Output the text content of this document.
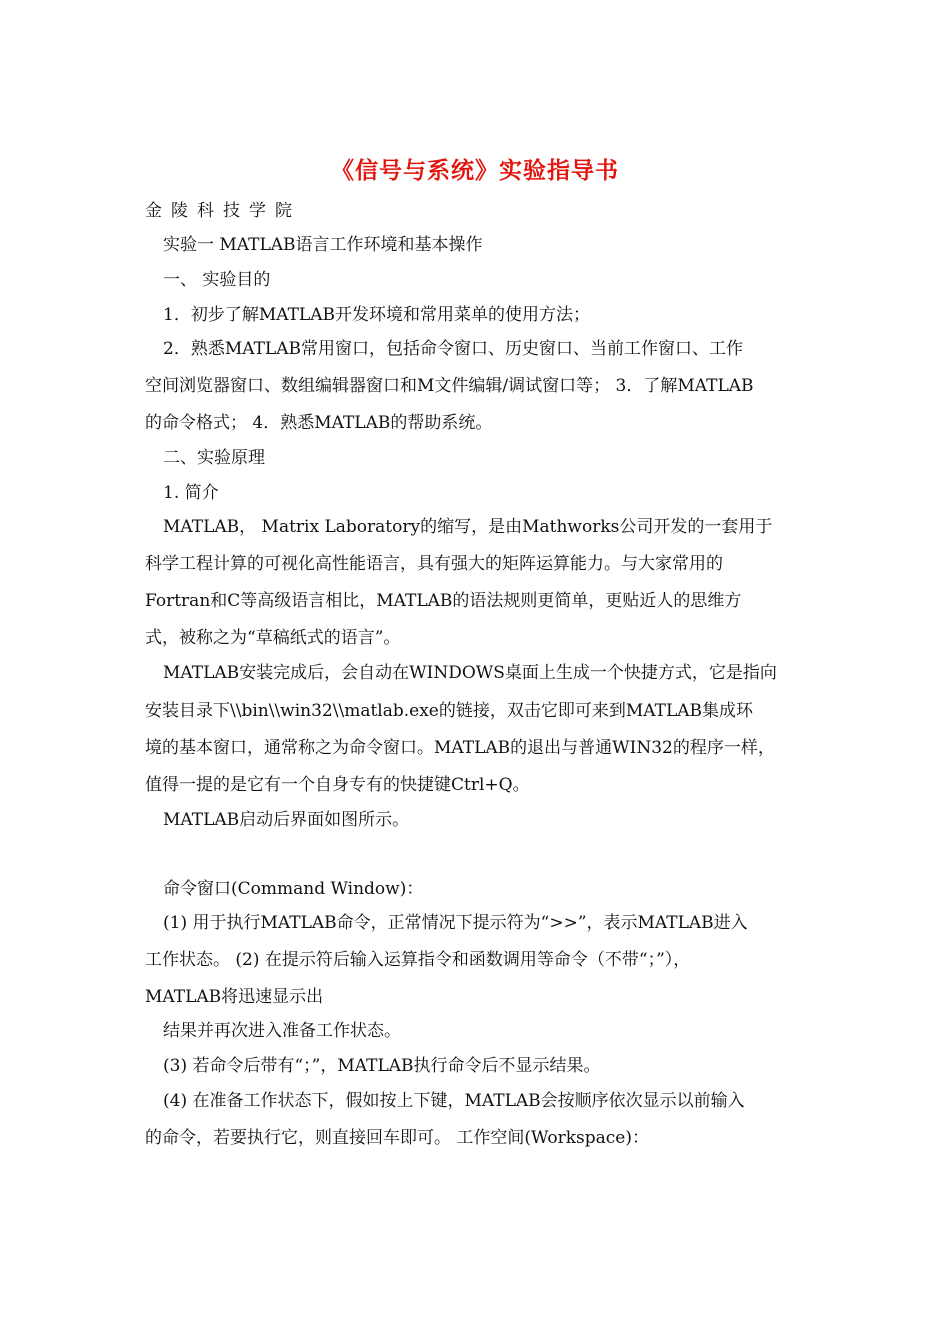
《信号与系统》实验指导书
金陵科技学院
实验一 MATLAB语言工作环境和基本操作
一、 实验目的
1．初步了解MATLAB开发环境和常用菜单的使用方法；
2．熟悉MATLAB常用窗口，包括命令窗口、历史窗口、当前工作窗口、工作
空间浏览器窗口、数组编辑器窗口和M文件编辑/调试窗口等； 3．了解MATLAB
的命令格式； 4．熟悉MATLAB的帮助系统。
二、实验原理
1. 简介
MATLAB， Matrix Laboratory的缩写，是由Mathworks公司开发的一套用于
科学工程计算的可视化高性能语言，具有强大的矩阵运算能力。与大家常用的
Fortran和C等高级语言相比，MATLAB的语法规则更简单，更贴近人的思维方
式，被称之为“草稿纸式的语言”。
MATLAB安装完成后，会自动在WINDOWS桌面上生成一个快捷方式，它是指向
安装目录下\\bin\\win32\\matlab.exe的链接，双击它即可来到MATLAB集成环
境的基本窗口，通常称之为命令窗口。MATLAB的退出与普通WIN32的程序一样，
值得一提的是它有一个自身专有的快捷键Ctrl+Q。
MATLAB启动后界面如图所示。
命令窗口(Command Window)：
(1) 用于执行MATLAB命令，正常情况下提示符为“>>”，表示MATLAB进入
工作状态。 (2) 在提示符后输入运算指令和函数调用等命令（不带“；”），
MATLAB将迅速显示出
结果并再次进入准备工作状态。
(3) 若命令后带有“；”，MATLAB执行命令后不显示结果。
(4) 在准备工作状态下，假如按上下键，MATLAB会按顺序依次显示以前输入
的命令，若要执行它，则直接回车即可。 工作空间(Workspace)：
